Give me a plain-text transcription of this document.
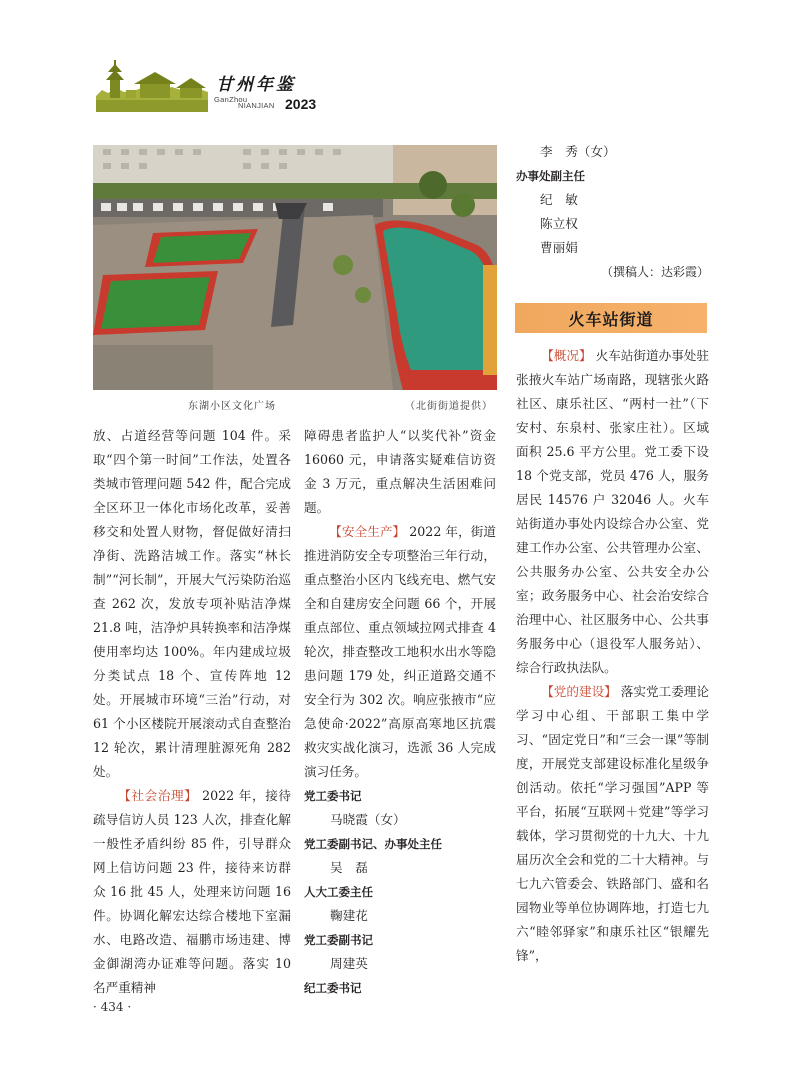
甘州年鉴
GanZhou
NIANJIAN 2023
东湖小区文化广场	（北街街道提供）

放、占道经营等问题 104 件。采取“四个第一时间”工作法，处置各类城市管理问题 542 件，配合完成全区环卫一体化市场化改革，妥善移交和处置人财物，督促做好清扫净街、洗路洁城工作。落实“林长制”“河长制”，开展大气污染防治巡查 262 次，发放专项补贴洁净煤 21.8 吨，洁净炉具转换率和洁净煤使用率均达 100%。年内建成垃圾分类试点 18 个、宣传阵地 12 处。开展城市环境“三治”行动，对 61 个小区楼院开展滚动式自查整治 12 轮次，累计清理脏源死角 282 处。

【社会治理】 2022 年，接待疏导信访人员 123 人次，排查化解一般性矛盾纠纷 85 件，引导群众网上信访问题 23 件，接待来访群众 16 批 45 人，处理来访问题 16 件。协调化解宏达综合楼地下室漏水、电路改造、福鹏市场违建、博金御湖湾办证难等问题。落实 10 名严重精神

障碍患者监护人“以奖代补”资金 16060 元，申请落实疑难信访资金 3 万元，重点解决生活困难问题。

【安全生产】 2022 年，街道推进消防安全专项整治三年行动，重点整治小区内飞线充电、燃气安全和自建房安全问题 66 个，开展重点部位、重点领域拉网式排查 4 轮次，排查整改工地积水出水等隐患问题 179 处，纠正道路交通不安全行为 302 次。响应张掖市“应急使命·2022”高原高寒地区抗震救灾实战化演习，选派 36 人完成演习任务。

党工委书记

马晓霞（女）

党工委副书记、办事处主任

吴　磊

人大工委主任

鞠建花

党工委副书记

周建英

纪工委书记

李　秀（女）

办事处副主任

纪　敏

陈立权

曹丽娟

（撰稿人：达彩霞）

火车站街道

【概况】 火车站街道办事处驻张掖火车站广场南路，现辖张火路社区、康乐社区、“两村一社”（下安村、东泉村、张家庄社）。区域面积 25.6 平方公里。党工委下设 18 个党支部，党员 476 人，服务居民 14576 户 32046 人。火车站街道办事处内设综合办公室、党建工作办公室、公共管理办公室、公共服务办公室、公共安全办公室；政务服务中心、社会治安综合治理中心、社区服务中心、公共事务服务中心（退役军人服务站）、综合行政执法队。

【党的建设】 落实党工委理论学习中心组、干部职工集中学习、“固定党日”和“三会一课”等制度，开展党支部建设标准化星级争创活动。依托“学习强国”APP 等平台，拓展“互联网＋党建”等学习载体，学习贯彻党的十九大、十九届历次全会和党的二十大精神。与七九六管委会、铁路部门、盛和名园物业等单位协调阵地，打造七九六“睦邻驿家”和康乐社区“银耀先锋”，

· 434 ·
